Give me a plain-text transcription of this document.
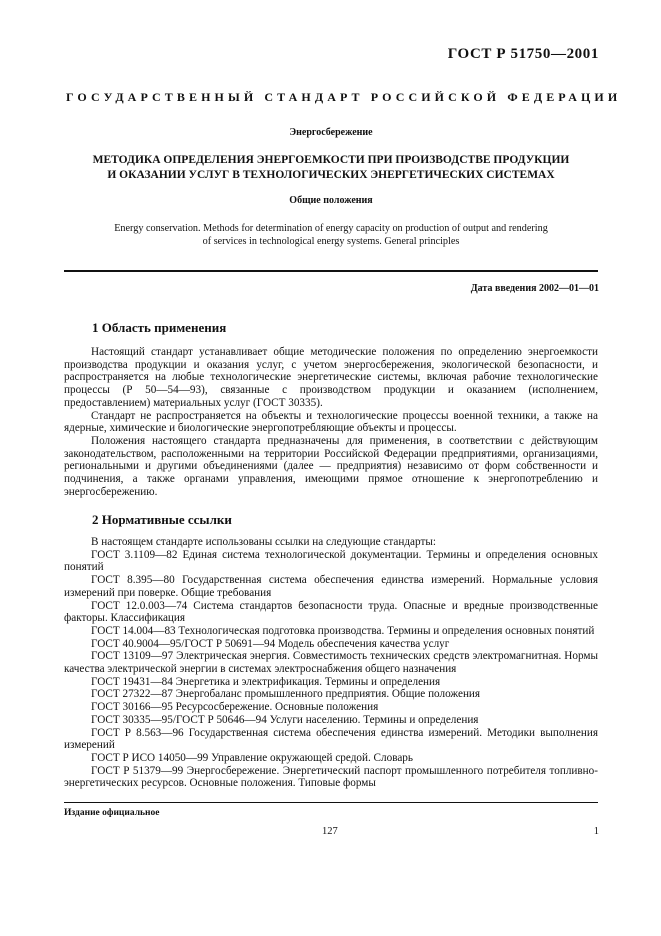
ГОСТ Р 51750—2001
ГОСУДАРСТВЕННЫЙ СТАНДАРТ РОССИЙСКОЙ ФЕДЕРАЦИИ
Энергосбережение
МЕТОДИКА ОПРЕДЕЛЕНИЯ ЭНЕРГОЕМКОСТИ ПРИ ПРОИЗВОДСТВЕ ПРОДУКЦИИ
И ОКАЗАНИИ УСЛУГ В ТЕХНОЛОГИЧЕСКИХ ЭНЕРГЕТИЧЕСКИХ СИСТЕМАХ
Общие положения
Energy conservation. Methods for determination of energy capacity on production of output and rendering
of services in technological energy systems. General principles
Дата введения 2002—01—01
1 Область применения

Настоящий стандарт устанавливает общие методические положения по определению энергоемкости производства продукции и оказания услуг, с учетом энергосбережения, экологической безопасности, и распространяется на любые технологические энергетические системы, включая рабочие технологические процессы (Р 50—54—93), связанные с производством продукции и оказанием (исполнением, предоставлением) материальных услуг (ГОСТ 30335).

Стандарт не распространяется на объекты и технологические процессы военной техники, а также на ядерные, химические и биологические энергопотребляющие объекты и процессы.

Положения настоящего стандарта предназначены для применения, в соответствии с действующим законодательством, расположенными на территории Российской Федерации предприятиями, организациями, региональными и другими объединениями (далее — предприятия) независимо от форм собственности и подчинения, а также органами управления, имеющими прямое отношение к энергопотреблению и энергосбережению.

2 Нормативные ссылки

В настоящем стандарте использованы ссылки на следующие стандарты:

ГОСТ 3.1109—82 Единая система технологической документации. Термины и определения основных понятий

ГОСТ 8.395—80 Государственная система обеспечения единства измерений. Нормальные условия измерений при поверке. Общие требования

ГОСТ 12.0.003—74 Система стандартов безопасности труда. Опасные и вредные производственные факторы. Классификация

ГОСТ 14.004—83 Технологическая подготовка производства. Термины и определения основных понятий

ГОСТ 40.9004—95/ГОСТ Р 50691—94 Модель обеспечения качества услуг

ГОСТ 13109—97 Электрическая энергия. Совместимость технических средств электромагнитная. Нормы качества электрической энергии в системах электроснабжения общего назначения

ГОСТ 19431—84 Энергетика и электрификация. Термины и определения

ГОСТ 27322—87 Энергобаланс промышленного предприятия. Общие положения

ГОСТ 30166—95 Ресурсосбережение. Основные положения

ГОСТ 30335—95/ГОСТ Р 50646—94 Услуги населению. Термины и определения

ГОСТ Р 8.563—96 Государственная система обеспечения единства измерений. Методики выполнения измерений

ГОСТ Р ИСО 14050—99 Управление окружающей средой. Словарь

ГОСТ Р 51379—99 Энергосбережение. Энергетический паспорт промышленного потребителя топливно-энергетических ресурсов. Основные положения. Типовые формы

Издание официальное
127	1
